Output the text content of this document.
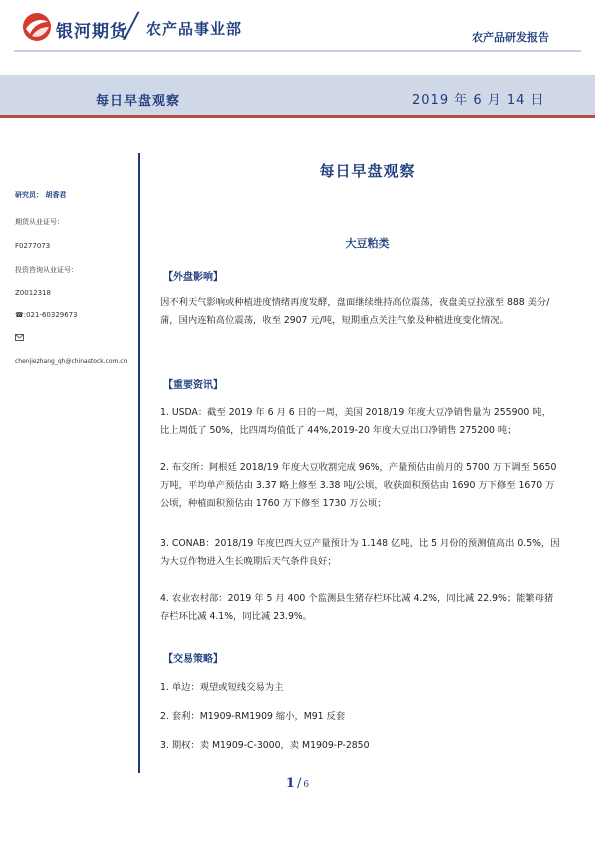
银河期货
╱ 农产品事业部	农产品研发报告
每日早盘观察	2019 年 6 月 14 日
研究员： 胡香君
期货从业证号：
F0277073
投资咨询从业证号：
Z0012318
☎:021-60329673
chenjiezhang_qh@chinastock.com.cn
每日早盘观察
大豆粕类
【外盘影响】
因不利天气影响或种植进度情绪再度发酵，盘面继续维持高位震荡，夜盘美豆拉涨至 888 美分/蒲，国内连粕高位震荡，收至 2907 元/吨，短期重点关注气象及种植进度变化情况。
【重要资讯】
1. USDA：截至 2019 年 6 月 6 日的一周，美国 2018/19 年度大豆净销售量为 255900 吨，比上周低了 50%，比四周均值低了 44%,2019-20 年度大豆出口净销售 275200 吨；
2. 布交所：阿根廷 2018/19 年度大豆收割完成 96%，产量预估由前月的 5700 万下调至 5650 万吨，平均单产预估由 3.37 略上修至 3.38 吨/公顷，收获面积预估由 1690 万下修至 1670 万公顷，种植面积预估由 1760 万下修至 1730 万公顷；
3. CONAB：2018/19 年度巴西大豆产量预计为 1.148 亿吨，比 5 月份的预测值高出 0.5%，因为大豆作物进入生长晚期后天气条件良好；
4. 农业农村部：2019 年 5 月 400 个监测县生猪存栏环比减 4.2%，同比减 22.9%；能繁母猪存栏环比减 4.1%，同比减 23.9%。
【交易策略】
1. 单边：观望或短线交易为主
2. 套利：M1909-RM1909 缩小，M91 反套
3. 期权：卖 M1909-C-3000，卖 M1909-P-2850
1 / 6
